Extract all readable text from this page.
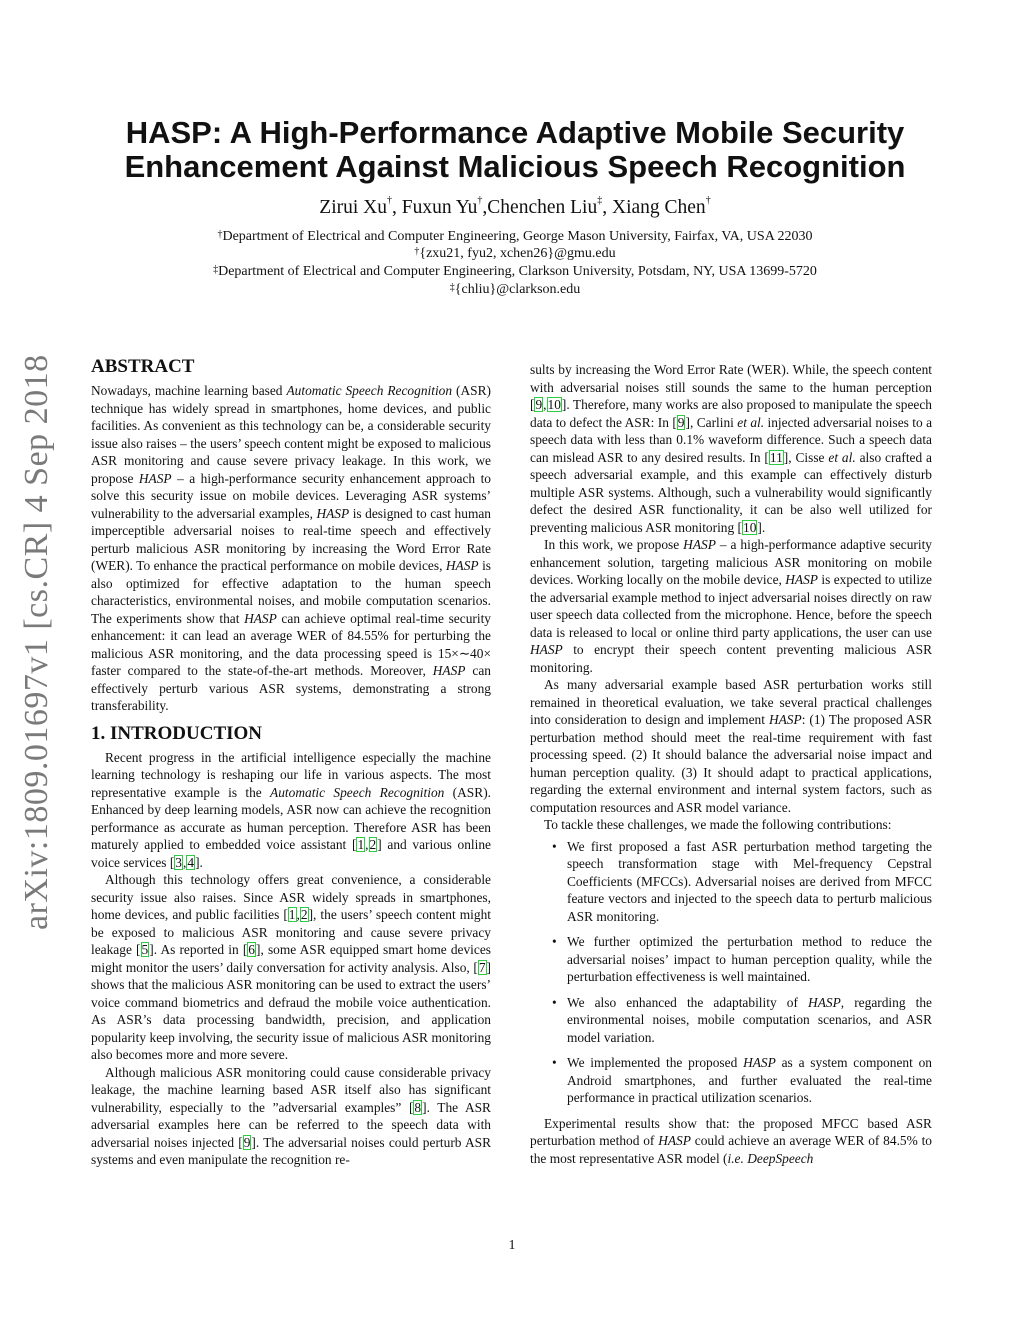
HASP: A High-Performance Adaptive Mobile Security
Enhancement Against Malicious Speech Recognition
Zirui Xu†, Fuxun Yu†,Chenchen Liu‡, Xiang Chen†
†Department of Electrical and Computer Engineering, George Mason University, Fairfax, VA, USA 22030
†{zxu21, fyu2, xchen26}@gmu.edu
‡Department of Electrical and Computer Engineering, Clarkson University, Potsdam, NY, USA 13699-5720
‡{chliu}@clarkson.edu
arXiv:1809.01697v1 [cs.CR] 4 Sep 2018 ABSTRACT

Nowadays, machine learning based Automatic Speech Recognition (ASR) technique has widely spread in smartphones, home devices, and public facilities. As convenient as this technology can be, a considerable security issue also raises – the users’ speech content might be exposed to malicious ASR monitoring and cause severe privacy leakage. In this work, we propose HASP – a high-performance security enhancement approach to solve this security issue on mobile devices. Leveraging ASR systems’ vulnerability to the adversarial examples, HASP is designed to cast human imperceptible adversarial noises to real-time speech and effectively perturb malicious ASR monitoring by increasing the Word Error Rate (WER). To enhance the practical performance on mobile devices, HASP is also optimized for effective adaptation to the human speech characteristics, environmental noises, and mobile computation scenarios. The experiments show that HASP can achieve optimal real-time security enhancement: it can lead an average WER of 84.55% for perturbing the malicious ASR monitoring, and the data processing speed is 15×∼40× faster compared to the state-of-the-art methods. Moreover, HASP can effectively perturb various ASR systems, demonstrating a strong transferability.

1. INTRODUCTION

Recent progress in the artificial intelligence especially the machine learning technology is reshaping our life in various aspects. The most representative example is the Automatic Speech Recognition (ASR). Enhanced by deep learning models, ASR now can achieve the recognition performance as accurate as human perception. Therefore ASR has been maturely applied to embedded voice assistant [1,2] and various online voice services [3,4].

Although this technology offers great convenience, a considerable security issue also raises. Since ASR widely spreads in smartphones, home devices, and public facilities [1,2], the users’ speech content might be exposed to malicious ASR monitoring and cause severe privacy leakage [5]. As reported in [6], some ASR equipped smart home devices might monitor the users’ daily conversation for activity analysis. Also, [7] shows that the malicious ASR monitoring can be used to extract the users’ voice command biometrics and defraud the mobile voice authentication. As ASR’s data processing bandwidth, precision, and application popularity keep involving, the security issue of malicious ASR monitoring also becomes more and more severe.

Although malicious ASR monitoring could cause considerable privacy leakage, the machine learning based ASR itself also has significant vulnerability, especially to the ”adversarial examples” [8]. The ASR adversarial examples here can be referred to the speech data with adversarial noises injected [9]. The adversarial noises could perturb ASR systems and even manipulate the recognition re-

sults by increasing the Word Error Rate (WER). While, the speech content with adversarial noises still sounds the same to the human perception [9,10]. Therefore, many works are also proposed to manipulate the speech data to defect the ASR: In [9], Carlini et al. injected adversarial noises to a speech data with less than 0.1% waveform difference. Such a speech data can mislead ASR to any desired results. In [11], Cisse et al. also crafted a speech adversarial example, and this example can effectively disturb multiple ASR systems. Although, such a vulnerability would significantly defect the desired ASR functionality, it can be also well utilized for preventing malicious ASR monitoring [10].

In this work, we propose HASP – a high-performance adaptive security enhancement solution, targeting malicious ASR monitoring on mobile devices. Working locally on the mobile device, HASP is expected to utilize the adversarial example method to inject adversarial noises directly on raw user speech data collected from the microphone. Hence, before the speech data is released to local or online third party applications, the user can use HASP to encrypt their speech content preventing malicious ASR monitoring.

As many adversarial example based ASR perturbation works still remained in theoretical evaluation, we take several practical challenges into consideration to design and implement HASP: (1) The proposed ASR perturbation method should meet the real-time requirement with fast processing speed. (2) It should balance the adversarial noise impact and human perception quality. (3) It should adapt to practical applications, regarding the external environment and internal system factors, such as computation resources and ASR model variance.

To tackle these challenges, we made the following contributions:

• We first proposed a fast ASR perturbation method targeting the speech transformation stage with Mel-frequency Cepstral Coefficients (MFCCs). Adversarial noises are derived from MFCC feature vectors and injected to the speech data to perturb malicious ASR monitoring.
• We further optimized the perturbation method to reduce the adversarial noises’ impact to human perception quality, while the perturbation effectiveness is well maintained.
• We also enhanced the adaptability of HASP, regarding the environmental noises, mobile computation scenarios, and ASR model variation.
• We implemented the proposed HASP as a system component on Android smartphones, and further evaluated the real-time performance in practical utilization scenarios.

Experimental results show that: the proposed MFCC based ASR perturbation method of HASP could achieve an average WER of 84.5% to the most representative ASR model (i.e. DeepSpeech

1
